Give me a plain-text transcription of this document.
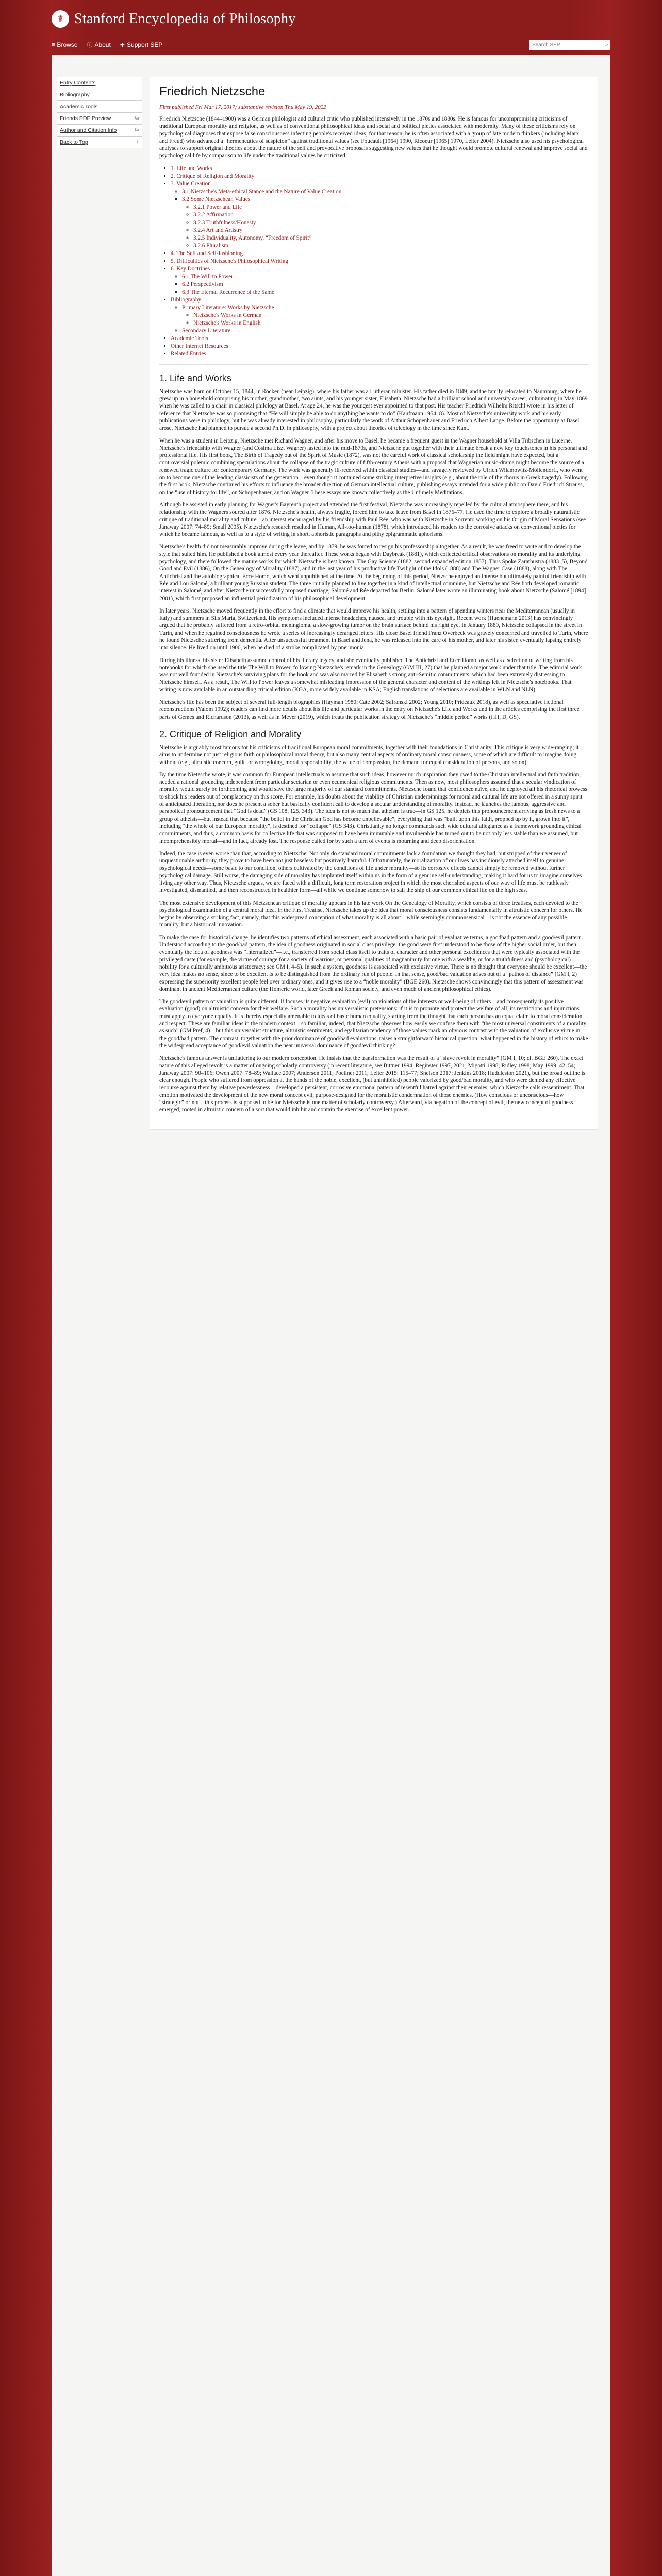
☤ Stanford Encyclopedia of Philosophy
≡ Browse ⓘ About ✚ Support SEP
Search SEP	⌕
Entry Contents
Bibliography
Academic Tools
Friends PDF Preview	⧉
Author and Citation Info	⧉
Back to Top	↑
Friedrich Nietzsche
First published Fri Mar 17, 2017; substantive revision Thu May 19, 2022

Friedrich Nietzsche (1844–1900) was a German philologist and cultural critic who published intensively in the 1870s and 1880s. He is famous for uncompromising criticisms of traditional European morality and religion, as well as of conventional philosophical ideas and social and political pieties associated with modernity. Many of these criticisms rely on psychological diagnoses that expose false consciousness infecting people's received ideas; for that reason, he is often associated with a group of late modern thinkers (including Marx and Freud) who advanced a “hermeneutics of suspicion” against traditional values (see Foucault [1964] 1990, Ricoeur [1965] 1970, Leiter 2004). Nietzsche also used his psychological analyses to support original theories about the nature of the self and provocative proposals suggesting new values that he thought would promote cultural renewal and improve social and psychological life by comparison to life under the traditional values he criticized.

• 1. Life and Works
• 2. Critique of Religion and Morality
• 3. Value Creation
◦ 3.1 Nietzsche's Meta-ethical Stance and the Nature of Value Creation
◦ 3.2 Some Nietzschean Values
◦ 3.2.1 Power and Life
◦ 3.2.2 Affirmation
◦ 3.2.3 Truthfulness/Honesty
◦ 3.2.4 Art and Artistry
◦ 3.2.5 Individuality, Autonomy, “Freedom of Spirit”
◦ 3.2.6 Pluralism
• 4. The Self and Self-fashioning
• 5. Difficulties of Nietzsche's Philosophical Writing
• 6. Key Doctrines
◦ 6.1 The Will to Power
◦ 6.2 Perspectivism
◦ 6.3 The Eternal Recurrence of the Same
• Bibliography
◦ Primary Literature: Works by Nietzsche
◦ Nietzsche's Works in German
◦ Nietzsche's Works in English
◦ Secondary Literature
• Academic Tools
• Other Internet Resources
• Related Entries
1. Life and Works

Nietzsche was born on October 15, 1844, in Röcken (near Leipzig), where his father was a Lutheran minister. His father died in 1849, and the family relocated to Naumburg, where he grew up in a household comprising his mother, grandmother, two aunts, and his younger sister, Elisabeth. Nietzsche had a brilliant school and university career, culminating in May 1869 when he was called to a chair in classical philology at Basel. At age 24, he was the youngest ever appointed to that post. His teacher Friedrich Wilhelm Ritschl wrote in his letter of reference that Nietzsche was so promising that “He will simply be able to do anything he wants to do” (Kaufmann 1954: 8). Most of Nietzsche's university work and his early publications were in philology, but he was already interested in philosophy, particularly the work of Arthur Schopenhauer and Friedrich Albert Lange. Before the opportunity at Basel arose, Nietzsche had planned to pursue a second Ph.D. in philosophy, with a project about theories of teleology in the time since Kant.

When he was a student in Leipzig, Nietzsche met Richard Wagner, and after his move to Basel, he became a frequent guest in the Wagner household at Villa Tribschen in Lucerne. Nietzsche's friendship with Wagner (and Cosima Liszt Wagner) lasted into the mid-1870s, and Nietzsche put together with their ultimate break a new key touchstones in his personal and professional life. His first book, The Birth of Tragedy out of the Spirit of Music (1872), was not the careful work of classical scholarship the field might have expected, but a controversial polemic combining speculations about the collapse of the tragic culture of fifth-century Athens with a proposal that Wagnerian music-drama might become the source of a renewed tragic culture for contemporary Germany. The work was generally ill-received within classical studies—and savagely reviewed by Ulrich Wilamowitz-Möllendorff, who went on to become one of the leading classicists of the generation—even though it contained some striking interpretive insights (e.g., about the role of the chorus in Greek tragedy). Following the first book, Nietzsche continued his efforts to influence the broader direction of German intellectual culture, publishing essays intended for a wide public on David Friedrich Strauss, on the “use of history for life”, on Schopenhauer, and on Wagner. These essays are known collectively as the Untimely Meditations.

Although he assisted in early planning for Wagner's Bayreuth project and attended the first festival, Nietzsche was increasingly repelled by the cultural atmosphere there, and his relationship with the Wagners soured after 1876. Nietzsche's health, always fragile, forced him to take leave from Basel in 1876–77. He used the time to explore a broadly naturalistic critique of traditional morality and culture—an interest encouraged by his friendship with Paul Rée, who was with Nietzsche in Sorrento working on his Origin of Moral Sensations (see Janaway 2007: 74–89; Small 2005). Nietzsche's research resulted in Human, All-too-human (1878), which introduced his readers to the corrosive attacks on conventional pieties for which he became famous, as well as to a style of writing in short, aphoristic paragraphs and pithy epigrammatic aphorisms.

Nietzsche's health did not measurably improve during the leave, and by 1879, he was forced to resign his professorship altogether. As a result, he was freed to write and to develop the style that suited him. He published a book almost every year thereafter. These works began with Daybreak (1881), which collected critical observations on morality and its underlying psychology, and there followed the mature works for which Nietzsche is best known: The Gay Science (1882, second expanded edition 1887), Thus Spoke Zarathustra (1883–5), Beyond Good and Evil (1886), On the Genealogy of Morality (1887), and in the last year of his productive life Twilight of the Idols (1888) and The Wagner Case (1888), along with The Antichrist and the autobiographical Ecce Homo, which went unpublished at the time. At the beginning of this period, Nietzsche enjoyed an intense but ultimately painful friendship with Rée and Lou Salomé, a brilliant young Russian student. The three initially planned to live together in a kind of intellectual commune, but Nietzsche and Rée both developed romantic interest in Salomé, and after Nietzsche unsuccessfully proposed marriage, Salomé and Rée departed for Berlin. Salomé later wrote an illuminating book about Nietzsche (Salomé [1894] 2001), which first proposed an influential periodization of his philosophical development.

In later years, Nietzsche moved frequently in the effort to find a climate that would improve his health, settling into a pattern of spending winters near the Mediterranean (usually in Italy) and summers in Sils Maria, Switzerland. His symptoms included intense headaches, nausea, and trouble with his eyesight. Recent work (Huenemann 2013) has convincingly argued that he probably suffered from a retro-orbital meningioma, a slow-growing tumor on the brain surface behind his right eye. In January 1889, Nietzsche collapsed in the street in Turin, and when he regained consciousness he wrote a series of increasingly deranged letters. His close Basel friend Franz Overbeck was gravely concerned and travelled to Turin, where he found Nietzsche suffering from dementia. After unsuccessful treatment in Basel and Jena, he was released into the care of his mother, and later his sister, eventually lapsing entirely into silence. He lived on until 1900, when he died of a stroke complicated by pneumonia.

During his illness, his sister Elisabeth assumed control of his literary legacy, and she eventually published The Antichrist and Ecce Homo, as well as a selection of writing from his notebooks for which she used the title The Will to Power, following Nietzsche's remark in the Genealogy (GM III, 27) that he planned a major work under that title. The editorial work was not well founded in Nietzsche's surviving plans for the book and was also marred by Elisabeth's strong anti-Semitic commitments, which had been extremely distressing to Nietzsche himself. As a result, The Will to Power leaves a somewhat misleading impression of the general character and content of the writings left in Nietzsche's notebooks. That writing is now available in an outstanding critical edition (KGA, more widely available in KSA; English translations of selections are available in WLN and NLN).

Nietzsche's life has been the subject of several full-length biographies (Hayman 1980; Cate 2002; Safranski 2002; Young 2010; Prideaux 2018), as well as speculative fictional reconstructions (Yalom 1992); readers can find more details about his life and particular works in the entry on Nietzsche's Life and Works and in the articles comprising the first three parts of Gemes and Richardson (2013), as well as in Meyer (2019), which treats the publication strategy of Nietzsche's “middle period” works (HH, D, GS).

2. Critique of Religion and Morality

Nietzsche is arguably most famous for his criticisms of traditional European moral commitments, together with their foundations in Christianity. This critique is very wide-ranging; it aims to undermine not just religious faith or philosophical moral theory, but also many central aspects of ordinary moral consciousness, some of which are difficult to imagine doing without (e.g., altruistic concern, guilt for wrongdoing, moral responsibility, the value of compassion, the demand for equal consideration of persons, and so on).

By the time Nietzsche wrote, it was common for European intellectuals to assume that such ideas, however much inspiration they owed to the Christian intellectual and faith tradition, needed a rational grounding independent from particular sectarian or even ecumenical religious commitments. Then as now, most philosophers assumed that a secular vindication of morality would surely be forthcoming and would save the large majority of our standard commitments. Nietzsche found that confidence naïve, and he deployed all his rhetorical prowess to shock his readers out of complacency on this score. For example, his doubts about the viability of Christian underpinnings for moral and cultural life are not offered in a sunny spirit of anticipated liberation, nor does he present a sober but basically confident call to develop a secular understanding of morality. Instead, he launches the famous, aggressive and parabolical pronouncement that “God is dead” (GS 108, 125, 343). The idea is not so much that atheism is true—in GS 125, he depicts this pronouncement arriving as fresh news to a group of atheists—but instead that because “the belief in the Christian God has become unbelievable”, everything that was “built upon this faith, propped up by it, grown into it”, including “the whole of our European morality”, is destined for “collapse” (GS 343). Christianity no longer commands such wide cultural allegiance as a framework grounding ethical commitments, and thus, a common basis for collective life that was supposed to have been immutable and invulnerable has turned out to be not only less stable than we assumed, but incomprehensibly mortal—and in fact, already lost. The response called for by such a turn of events is mourning and deep disorientation.

Indeed, the case is even worse than that, according to Nietzsche. Not only do standard moral commitments lack a foundation we thought they had, but stripped of their veneer of unquestionable authority, they prove to have been not just baseless but positively harmful. Unfortunately, the moralization of our lives has insidiously attached itself to genuine psychological needs—some basic to our condition, others cultivated by the conditions of life under morality—so its corrosive effects cannot simply be removed without further psychological damage. Still worse, the damaging side of morality has implanted itself within us in the form of a genuine self-understanding, making it hard for us to imagine ourselves living any other way. Thus, Nietzsche argues, we are faced with a difficult, long term restoration project in which the most cherished aspects of our way of life must be ruthlessly investigated, dismantled, and then reconstructed in healthier form—all while we continue somehow to sail the ship of our common ethical life on the high seas.

The most extensive development of this Nietzschean critique of morality appears in his late work On the Genealogy of Morality, which consists of three treatises, each devoted to the psychological examination of a central moral idea. In the First Treatise, Nietzsche takes up the idea that moral consciousness consists fundamentally in altruistic concern for others. He begins by observing a striking fact, namely, that this widespread conception of what morality is all about—while seemingly commonsensical—is not the essence of any possible morality, but a historical innovation.

To make the case for historical change, he identifies two patterns of ethical assessment, each associated with a basic pair of evaluative terms, a goodbad pattern and a good/evil pattern. Understood according to the good/bad pattern, the idea of goodness originated in social class privilege: the good were first understood to be those of the higher social order, but then eventually the idea of goodness was “internalized”—i.e., transferred from social class itself to traits of character and other personal excellences that were typically associated with the privileged caste (for example, the virtue of courage for a society of warriors, or personal qualities of magnanimity for one with a wealthy, or for a truthfulness and (psychological) nobility for a culturally ambitious aristocracy; see GM I, 4–5). In such a system, goodness is associated with exclusive virtue. There is no thought that everyone should be excellent—the very idea makes no sense, since to be excellent is to be distinguished from the ordinary run of people. In that sense, good/bad valuation arises out of a “pathos of distance” (GM I, 2) expressing the superiority excellent people feel over ordinary ones, and it gives rise to a “noble morality” (BGE 260). Nietzsche shows convincingly that this pattern of assessment was dominant in ancient Mediterranean culture (the Homeric world, later Greek and Roman society, and even much of ancient philosophical ethics).

The good/evil pattern of valuation is quite different. It focuses its negative evaluation (evil) on violations of the interests or well-being of others—and consequently its positive evaluation (good) on altruistic concern for their welfare. Such a morality has universalistic pretensions: if it is to promote and protect the welfare of all, its restrictions and injunctions must apply to everyone equally. It is thereby especially amenable to ideas of basic human equality, starting from the thought that each person has an equal claim to moral consideration and respect. These are familiar ideas in the modern context—so familiar, indeed, that Nietzsche observes how easily we confuse them with “the most universal constituents of a morality as such” (GM Pref, 4)—but this universalist structure, altruistic sentiments, and egalitarian tendency of those values mark an obvious contrast with the valuation of exclusive virtue in the good/bad pattern. The contrast, together with the prior dominance of good/bad evaluations, raises a straightforward historical question: what happened in the history of ethics to make the widespread acceptance of good/evil valuation the near universal dominance of good/evil thinking?

Nietzsche's famous answer is unflattering to our modern conception. He insists that the transformation was the result of a “slave revolt in morality” (GM I, 10; cf. BGE 260). The exact nature of this alleged revolt is a matter of ongoing scholarly controversy (in recent literature, see Bittner 1994; Reginster 1997, 2021; Migotti 1998; Ridley 1998; May 1999: 42–54; Janaway 2007: 90–106; Owen 2007: 78–89; Wallace 2007; Anderson 2011; Poellner 2011; Leiter 2015: 115–77; Snelson 2017; Jenkins 2018; Huddleston 2021), but the broad outline is clear enough. People who suffered from oppression at the hands of the noble, excellent, (but uninhibited) people valorized by good/bad morality, and who were denied any effective recourse against them by relative powerlessness—developed a persistent, corrosive emotional pattern of resentful hatred against their enemies, which Nietzsche calls ressentiment. That emotion motivated the development of the new moral concept evil, purpose-designed for the moralistic condemnation of those enemies. (How conscious or unconscious—how “strategic” or not—this process is supposed to be for Nietzsche is one matter of scholarly controversy.) Afterward, via negation of the concept of evil, the new concept of goodness emerged, rooted in altruistic concern of a sort that would inhibit and contain the exercise of excellent power.
